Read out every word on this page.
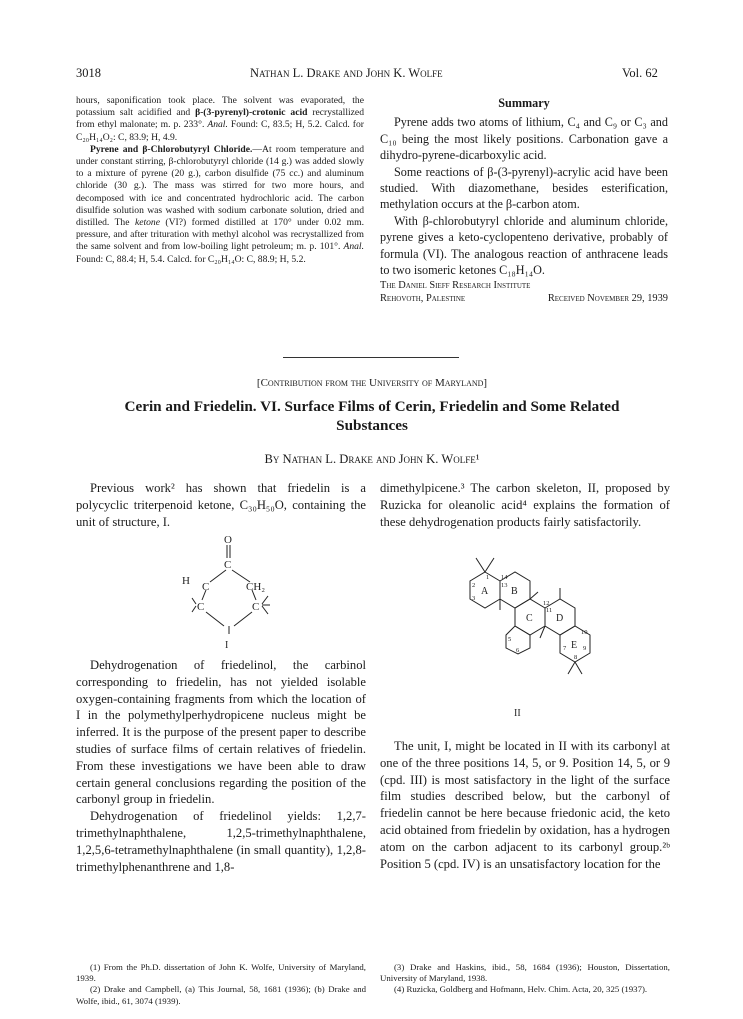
3018	Nathan L. Drake and John K. Wolfe	Vol. 62

hours, saponification took place. The solvent was evaporated, the potassium salt acidified and β-(3-pyrenyl)-crotonic acid recrystallized from ethyl malonate; m. p. 233°. Anal. Found: C, 83.5; H, 5.2. Calcd. for C₂₀H₁₄O₂: C, 83.9; H, 4.9.

Pyrene and β-Chlorobutyryl Chloride.—At room temperature and under constant stirring, β-chlorobutyryl chloride (14 g.) was added slowly to a mixture of pyrene (20 g.), carbon disulfide (75 cc.) and aluminum chloride (30 g.). The mass was stirred for two more hours, and decomposed with ice and concentrated hydrochloric acid. The carbon disulfide solution was washed with sodium carbonate solution, dried and distilled. The ketone (VI?) formed distilled at 170° under 0.02 mm. pressure, and after trituration with methyl alcohol was recrystallized from the same solvent and from low-boiling light petroleum; m. p. 101°. Anal. Found: C, 88.4; H, 5.4. Calcd. for C₂₀H₁₄O: C, 88.9; H, 5.2.

Summary

Pyrene adds two atoms of lithium, C₄ and C₉ or C₃ and C₁₀ being the most likely positions. Carbonation gave a dihydro-pyrene-dicarboxylic acid.

Some reactions of β-(3-pyrenyl)-acrylic acid have been studied. With diazomethane, besides esterification, methylation occurs at the β-carbon atom.

With β-chlorobutyryl chloride and aluminum chloride, pyrene gives a keto-cyclopenteno derivative, probably of formula (VI). The analogous reaction of anthracene leads to two isomeric ketones C₁₈H₁₄O.

The Daniel Sieff Research Institute
Rehovoth, Palestine	Received November 29, 1939
[Contribution from the University of Maryland]
Cerin and Friedelin. VI. Surface Films of Cerin, Friedelin and Some Related
Substances
By Nathan L. Drake and John K. Wolfe¹

Previous work² has shown that friedelin is a polycyclic triterpenoid ketone, C₃₀H₅₀O, containing the unit of structure, I.

O
C
H C	CH₂
C	C
I

Dehydrogenation of friedelinol, the carbinol corresponding to friedelin, has not yielded isolable oxygen-containing fragments from which the location of I in the polymethylperhydropicene nucleus might be inferred. It is the purpose of the present paper to describe studies of surface films of certain relatives of friedelin. From these investigations we have been able to draw certain general conclusions regarding the position of the carbonyl group in friedelin.

Dehydrogenation of friedelinol yields: 1,2,7-trimethylnaphthalene, 1,2,5-trimethylnaphthalene, 1,2,5,6-tetramethylnaphthalene (in small quantity), 1,2,8-trimethylphenanthrene and 1,8-

dimethylpicene.³ The carbon skeleton, II, proposed by Ruzicka for oleanolic acid⁴ explains the formation of these dehydrogenation products fairly satisfactorily.

A B
C D
E
1
2
3
14
13
12
11
5
6
10
7	9
8
II

The unit, I, might be located in II with its carbonyl at one of the three positions 14, 5, or 9. Position 14, 5, or 9 (cpd. III) is most satisfactory in the light of the surface film studies described below, but the carbonyl of friedelin cannot be here because friedonic acid, the keto acid obtained from friedelin by oxidation, has a hydrogen atom on the carbon adjacent to its carbonyl group.²ᵇ Position 5 (cpd. IV) is an unsatisfactory location for the

(1) From the Ph.D. dissertation of John K. Wolfe, University of Maryland, 1939.

(2) Drake and Campbell, (a) This Journal, 58, 1681 (1936); (b) Drake and Wolfe, ibid., 61, 3074 (1939).

(3) Drake and Haskins, ibid., 58, 1684 (1936); Houston, Dissertation, University of Maryland, 1938.

(4) Ruzicka, Goldberg and Hofmann, Helv. Chim. Acta, 20, 325 (1937).
